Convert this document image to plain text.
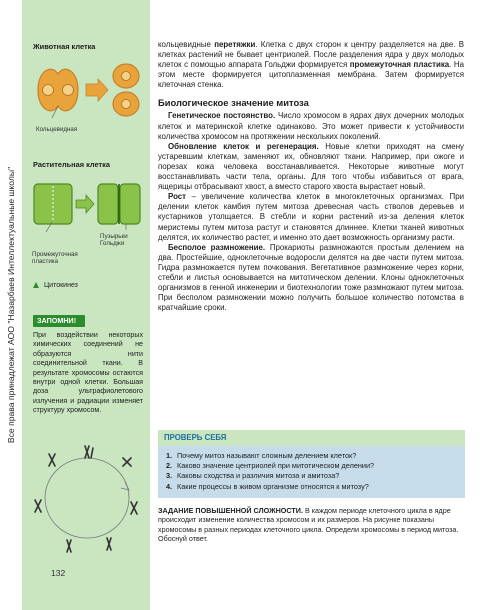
Все права принадлежат АОО "Назарбаев Интеллектуальные школы"
Животная клетка
Кольцевидная
Растительная клетка
Пузырьки
Гольджи
Промежуточная
пластика
Цитокинез
ЗАПОМНИ!
При воздействии некоторых химических соединений не образуются нити соединительной ткани. В результате хромосомы остаются внутри одной клетки. Большая доза ультрафиолетового излучения и радиации изменяет структуру хромосом.
132

кольцевидные перетяжки. Клетка с двух сторон к центру разделяется на две. В клетках растений не бывает центриолей. После разделения ядра у двух молодых клеток с помощью аппарата Гольджи формируется промежуточная пластика. На этом месте формируется цитоплазменная мембрана. Затем формируется клеточная стенка.

Биологическое значение митоза

Генетическое постоянство. Число хромосом в ядрах двух дочерних молодых клеток и материнской клетке одинаково. Это может привести к устойчивости количества хромосом на протяжении нескольких поколений.

Обновление клеток и регенерация. Новые клетки приходят на смену устаревшим клеткам, заменяют их, обновляют ткани. Например, при ожоге и порезах кожа человека восстанавливается. Некоторые животные могут восстанавливать части тела, органы. Для того чтобы избавиться от врага, ящерицы отбрасывают хвост, а вместо старого хвоста вырастает новый.

Рост – увеличение количества клеток в многоклеточных организмах. При делении клеток камбия путем митоза древесная часть стволов деревьев и кустарников утолщается. В стебли и корни растений из-за деления клеток меристемы путем митоза растут и становятся длиннее. Клетки тканей животных делятся, их количество растет, и именно это дает возможность организму расти.

Бесполое размножение. Прокариоты размножаются простым делением на два. Простейшие, одноклеточные водоросли делятся на две части путем митоза. Гидра размножается путем почкования. Вегетативное размножение через корни, стебли и листья основывается на митотическом делении. Клоны одноклеточных организмов в генной инженерии и биотехнологии тоже размножают путем митоза. При бесполом размножении можно получить большое количество потомства в кратчайшие сроки.

ПРОВЕРЬ СЕБЯ
1. Почему митоз называют сложным делением клеток?
2. Каково значение центриолей при митотическом делении?
3. Каковы сходства и различия митоза и амитоза?
4. Какие процессы в живом организме относятся к митозу?
ЗАДАНИЕ ПОВЫШЕННОЙ СЛОЖНОСТИ. В каждом периоде клеточного цикла в ядре происходит изменение количества хромосом и их размеров. На рисунке показаны хромосомы в разных периодах клеточного цикла. Определи хромосомы в период митоза. Обоснуй ответ.
